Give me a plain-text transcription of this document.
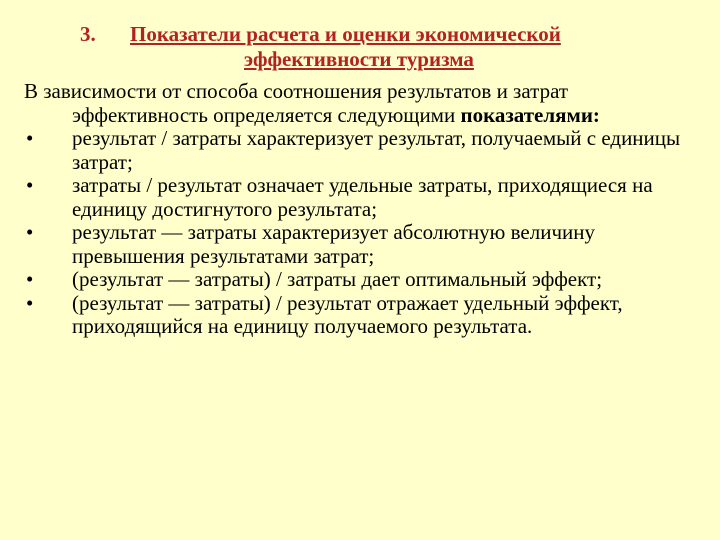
3. Показатели расчета и оценки экономической
эффективности туризма

В зависимости от способа соотношения результатов и затрат эффективность определяется следующими показателями:

• результат / затраты характеризует результат, получаемый с единицы затрат;
• затраты / результат означает удельные затраты, приходящиеся на единицу достигнутого результата;
• результат — затраты характеризует абсолютную величину превышения результатами затрат;
• (результат — затраты) / затраты дает оптимальный эффект;
• (результат — затраты) / результат отражает удельный эффект, приходящийся на единицу получаемого результата.
